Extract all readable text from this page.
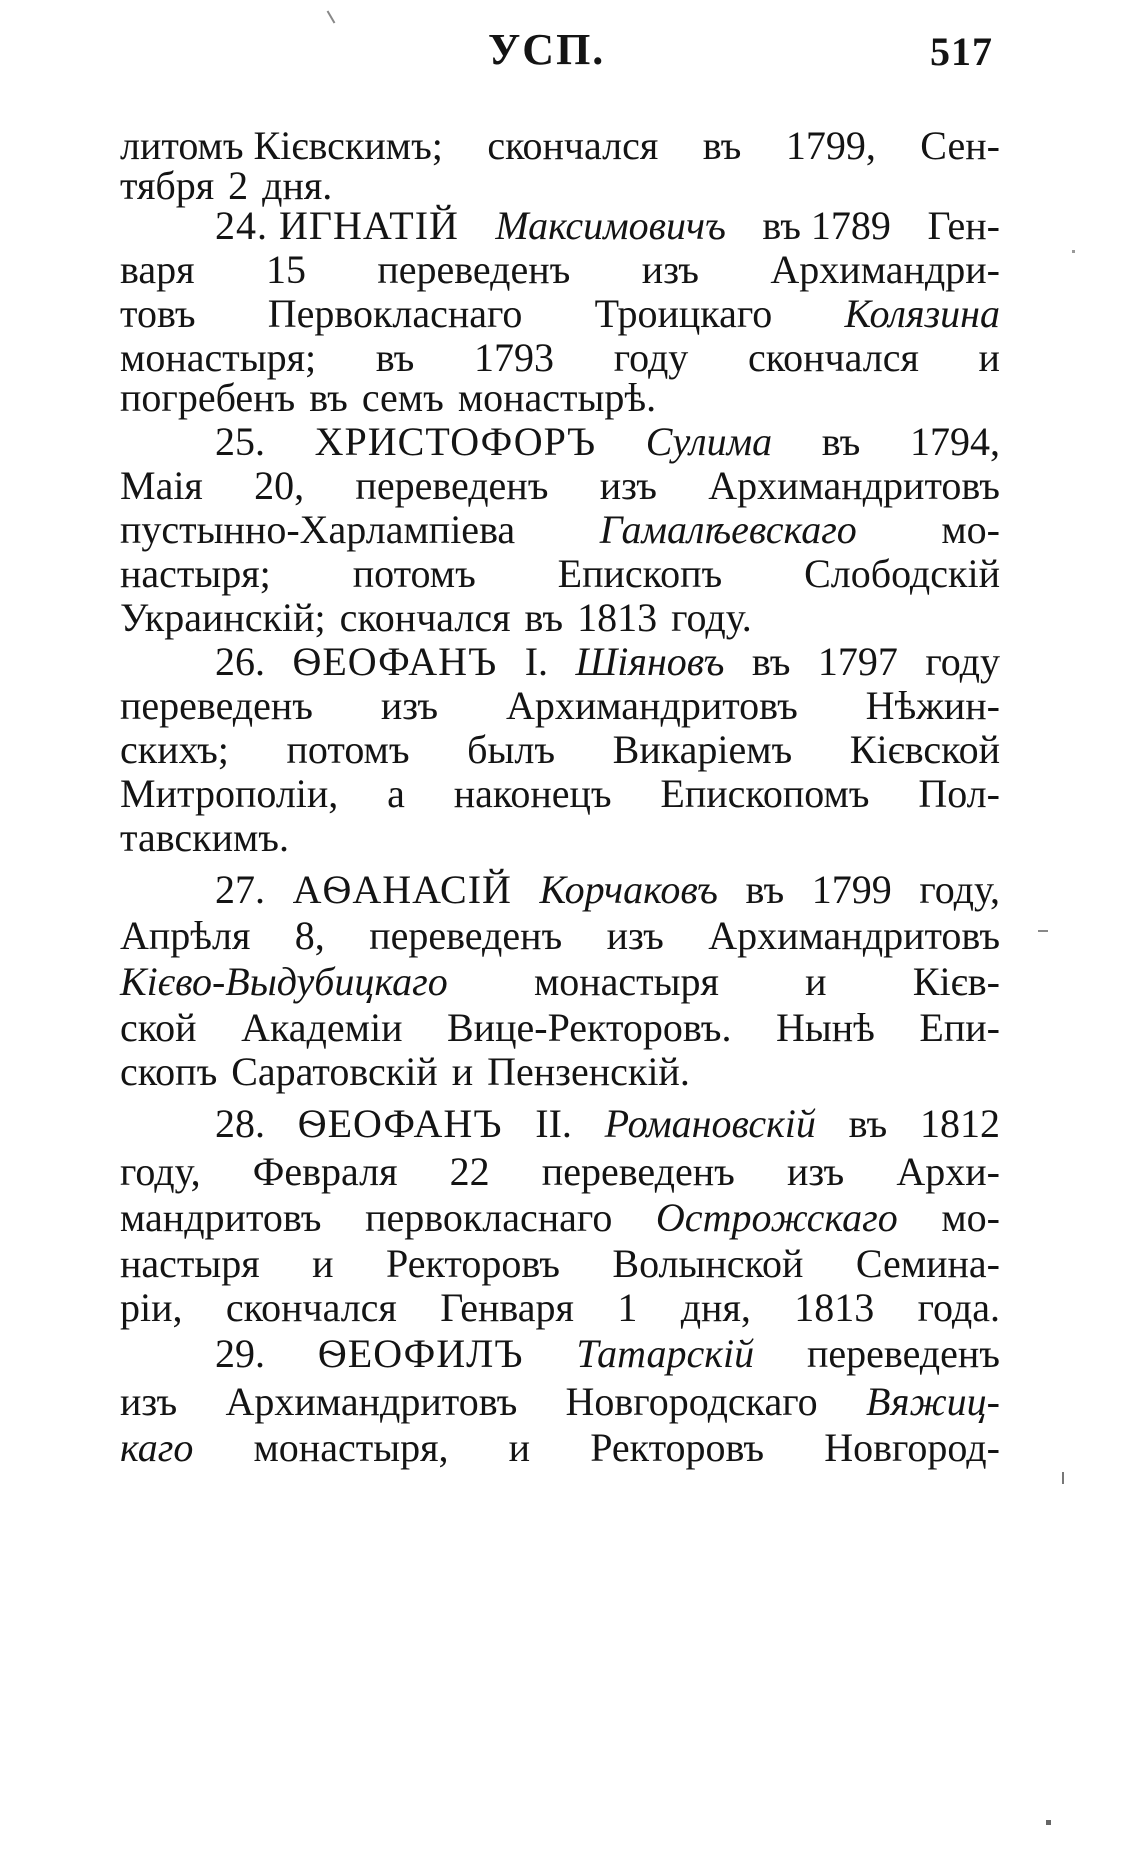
УСП.	517
литомъ Кієвскимъ; скончался въ 1799, Сен-
тября 2 дня.
24. ИГНАТІЙ Максимовичъ въ 1789 Ген-
варя 15 переведенъ изъ Архимандри-
товъ Первокласнаго Троицкаго Колязина
монастыря; въ 1793 году скончался и
погребенъ въ семъ монастырѣ.
25. ХРИСТОФОРЪ Сулима въ 1794,
Маія 20, переведенъ изъ Архимандритовъ
пустынно-Харлампіева Гамалѣевскаго мо-
настыря; потомъ Епископъ Слободскій
Украинскій; скончался въ 1813 году.
26. ѲЕОФАНЪ I. Шіяновъ въ 1797 году
переведенъ изъ Архимандритовъ Нѣжин-
скихъ; потомъ былъ Викаріемъ Кієвской
Митрополіи, а наконецъ Епископомъ Пол-
тавскимъ.
27. АѲАНАСІЙ Корчаковъ въ 1799 году,
Апрѣля 8, переведенъ изъ Архимандритовъ
Кієво-Выдубицкаго монастыря и Кієв-
ской Академіи Вице-Ректоровъ. Нынѣ Епи-
скопъ Саратовскій и Пензенскій.
28. ѲЕОФАНЪ II. Романовскій въ 1812
году, Февраля 22 переведенъ изъ Архи-
мандритовъ первокласнаго Острожскаго мо-
настыря и Ректоровъ Волынской Семина-
ріи, скончался Генваря 1 дня, 1813 года.
29. ѲЕОФИЛЪ Татарскій переведенъ
изъ Архимандритовъ Новгородскаго Вяжиц-
каго монастыря, и Ректоровъ Новгород-
